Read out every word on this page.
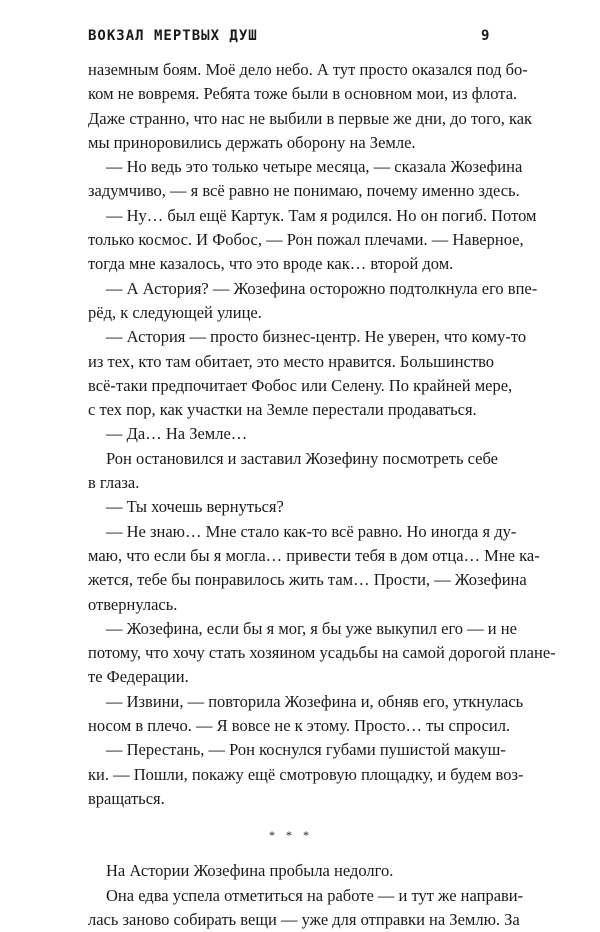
ВОКЗАЛ МЕРТВЫХ ДУШ	9
наземным боям. Моё дело небо. А тут просто оказался под бо-
ком не вовремя. Ребята тоже были в основном мои, из флота.
Даже странно, что нас не выбили в первые же дни, до того, как
мы приноровились держать оборону на Земле.
— Но ведь это только четыре месяца, — сказала Жозефина
задумчиво, — я всё равно не понимаю, почему именно здесь.
— Ну… был ещё Картук. Там я родился. Но он погиб. Потом
только космос. И Фобос, — Рон пожал плечами. — Наверное,
тогда мне казалось, что это вроде как… второй дом.
— А Астория? — Жозефина осторожно подтолкнула его впе-
рёд, к следующей улице.
— Астория — просто бизнес-центр. Не уверен, что кому-то
из тех, кто там обитает, это место нравится. Большинство
всё-таки предпочитает Фобос или Селену. По крайней мере,
с тех пор, как участки на Земле перестали продаваться.
— Да… На Земле…
Рон остановился и заставил Жозефину посмотреть себе
в глаза.
— Ты хочешь вернуться?
— Не знаю… Мне стало как-то всё равно. Но иногда я ду-
маю, что если бы я могла… привести тебя в дом отца… Мне ка-
жется, тебе бы понравилось жить там… Прости, — Жозефина
отвернулась.
— Жозефина, если бы я мог, я бы уже выкупил его — и не
потому, что хочу стать хозяином усадьбы на самой дорогой плане-
те Федерации.
— Извини, — повторила Жозефина и, обняв его, уткнулась
носом в плечо. — Я вовсе не к этому. Просто… ты спросил.
— Перестань, — Рон коснулся губами пушистой макуш-
ки. — Пошли, покажу ещё смотровую площадку, и будем воз-
вращаться.
* * *
На Астории Жозефина пробыла недолго.
Она едва успела отметиться на работе — и тут же направи-
лась заново собирать вещи — уже для отправки на Землю. За
